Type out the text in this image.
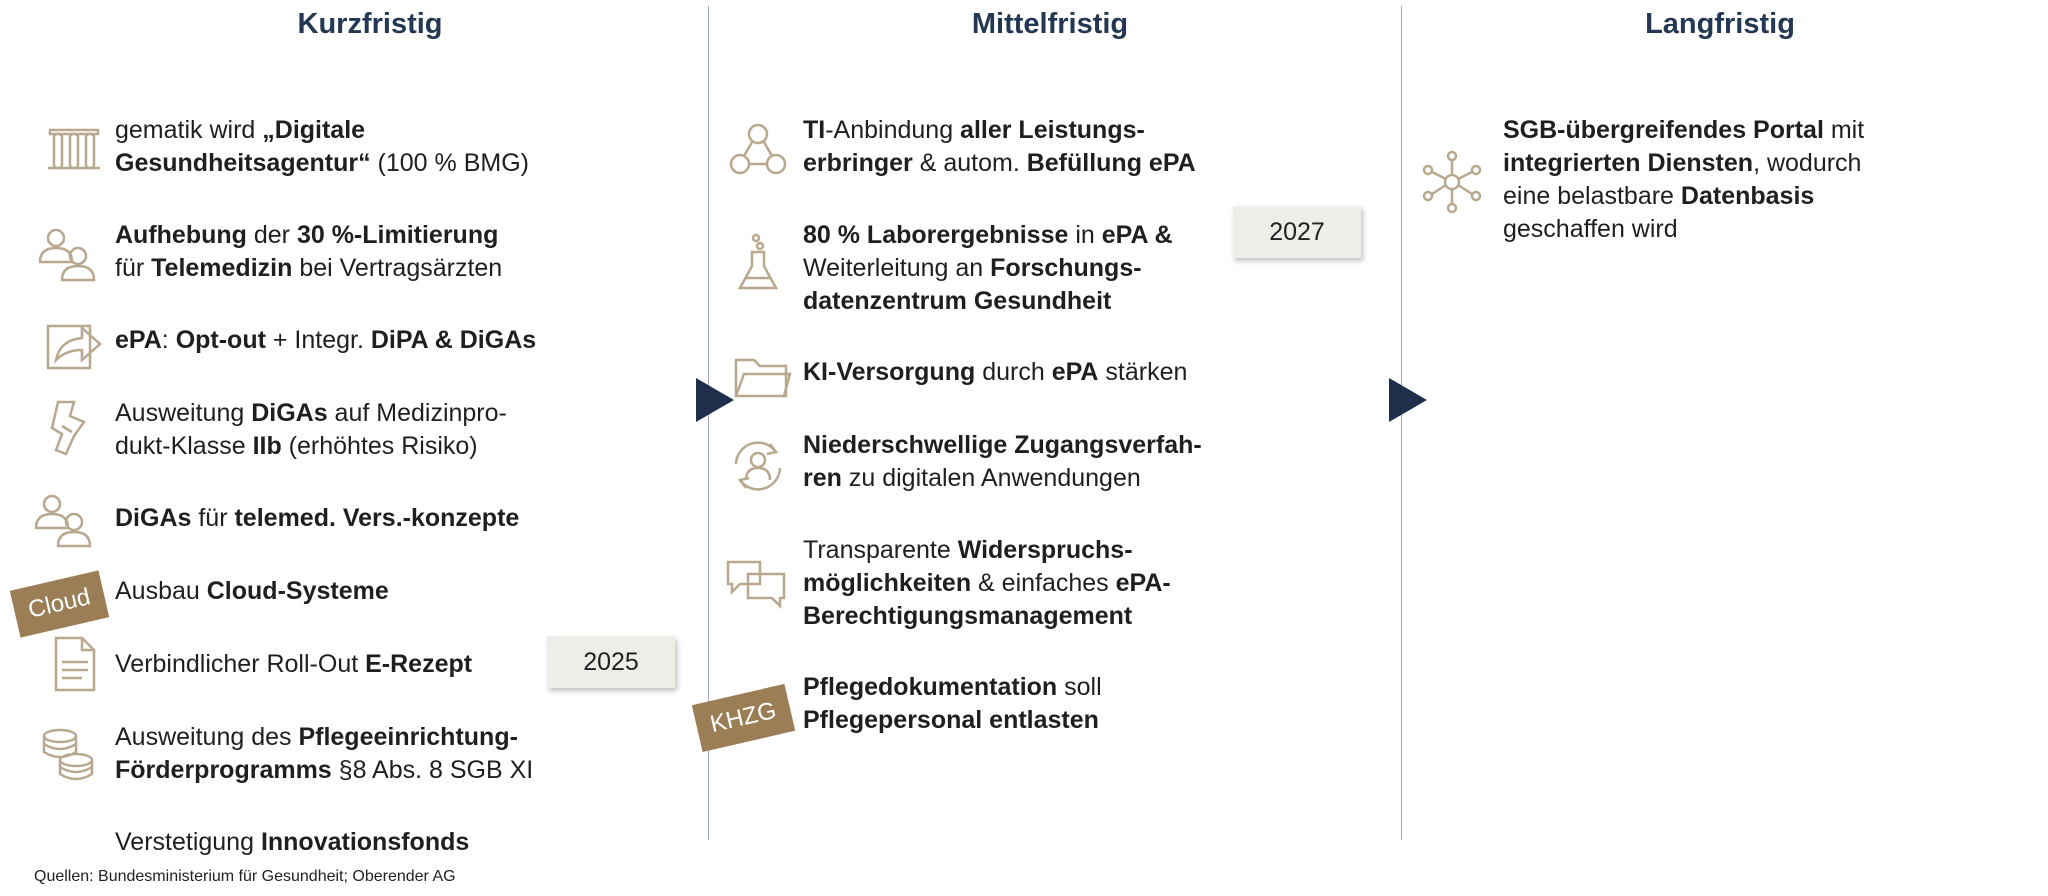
Kurzfristig	Mittelfristig	Langfristig
Cloud
gematik wird „Digitale
Gesundheitsagentur“ (100 % BMG)
Aufhebung der 30 %-Limitierung
für Telemedizin bei Vertragsärzten
ePA: Opt-out + Integr. DiPA & DiGAs
Ausweitung DiGAs auf Medizinpro-
dukt-Klasse IIb (erhöhtes Risiko)
DiGAs für telemed. Vers.-konzepte
Ausbau Cloud-Systeme
Verbindlicher Roll-Out E-Rezept
Ausweitung des Pflegeeinrichtung-
Förderprogramms §8 Abs. 8 SGB XI
Verstetigung Innovationsfonds
2025
KHZG
TI-Anbindung aller Leistungs-
erbringer & autom. Befüllung ePA
80 % Laborergebnisse in ePA &
Weiterleitung an Forschungs-
datenzentrum Gesundheit
KI-Versorgung durch ePA stärken
Niederschwellige Zugangsverfah-
ren zu digitalen Anwendungen
Transparente Widerspruchs-
möglichkeiten & einfaches ePA-
Berechtigungsmanagement
Pflegedokumentation soll
Pflegepersonal entlasten
2027
SGB-übergreifendes Portal mit
integrierten Diensten, wodurch
eine belastbare Datenbasis
geschaffen wird
Quellen: Bundesministerium für Gesundheit; Oberender AG
